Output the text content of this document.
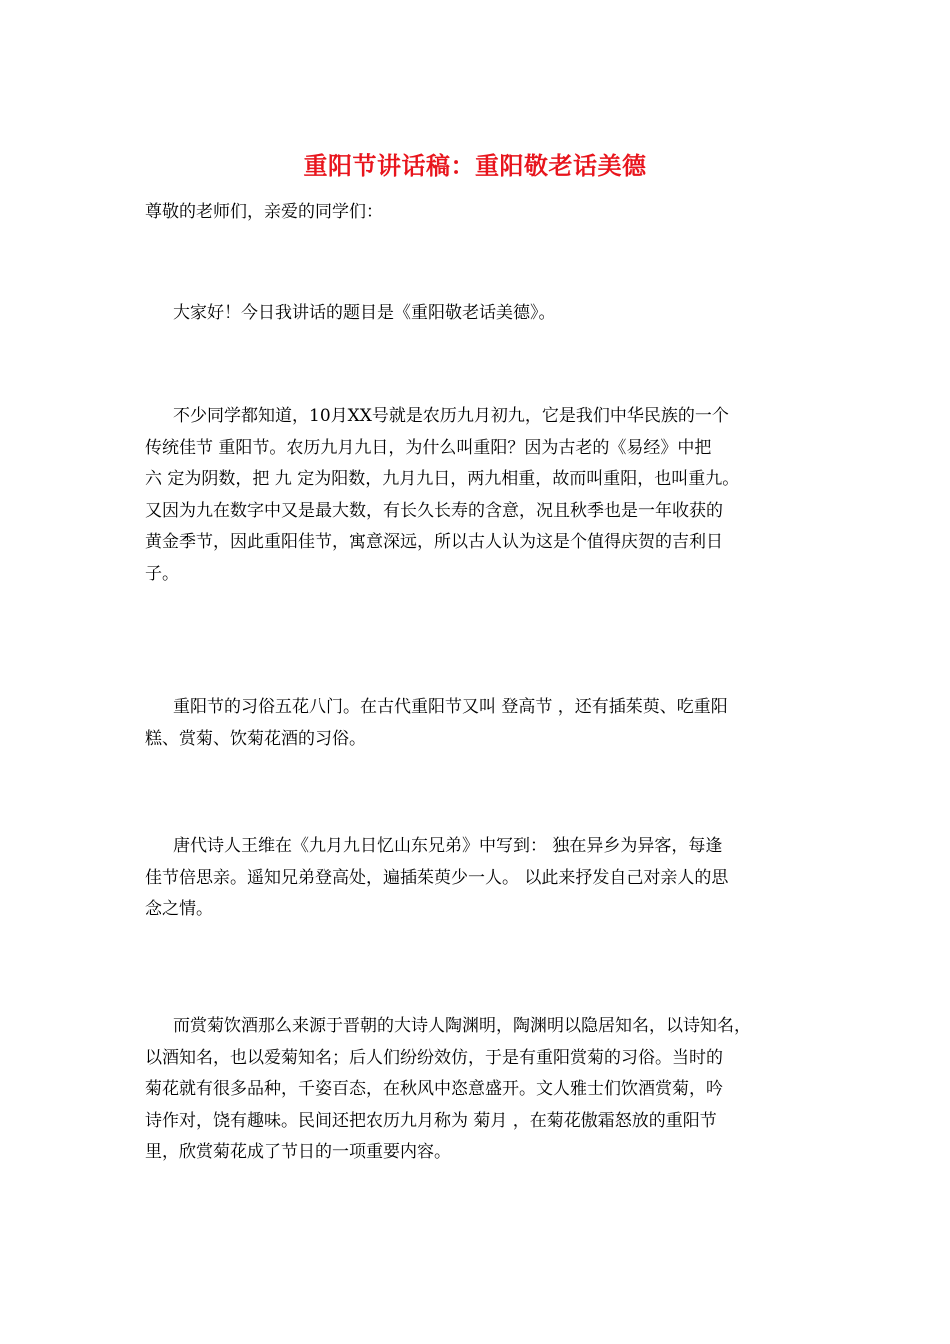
重阳节讲话稿：重阳敬老话美德

尊敬的老师们，亲爱的同学们：

大家好！今日我讲话的题目是《重阳敬老话美德》。

不少同学都知道，10月XX号就是农历九月初九，它是我们中华民族的一个
传统佳节 重阳节。农历九月九日，为什么叫重阳？因为古老的《易经》中把
六 定为阴数，把 九 定为阳数，九月九日，两九相重，故而叫重阳，也叫重九。
又因为九在数字中又是最大数，有长久长寿的含意，况且秋季也是一年收获的
黄金季节，因此重阳佳节，寓意深远，所以古人认为这是个值得庆贺的吉利日
子。

重阳节的习俗五花八门。在古代重阳节又叫 登高节 ，还有插茱萸、吃重阳
糕、赏菊、饮菊花酒的习俗。

唐代诗人王维在《九月九日忆山东兄弟》中写到： 独在异乡为异客，每逢
佳节倍思亲。遥知兄弟登高处，遍插茱萸少一人。 以此来抒发自己对亲人的思
念之情。

而赏菊饮酒那么来源于晋朝的大诗人陶渊明，陶渊明以隐居知名，以诗知名，
以酒知名，也以爱菊知名；后人们纷纷效仿，于是有重阳赏菊的习俗。当时的
菊花就有很多品种，千姿百态，在秋风中恣意盛开。文人雅士们饮酒赏菊，吟
诗作对，饶有趣味。民间还把农历九月称为 菊月 ，在菊花傲霜怒放的重阳节
里，欣赏菊花成了节日的一项重要内容。
